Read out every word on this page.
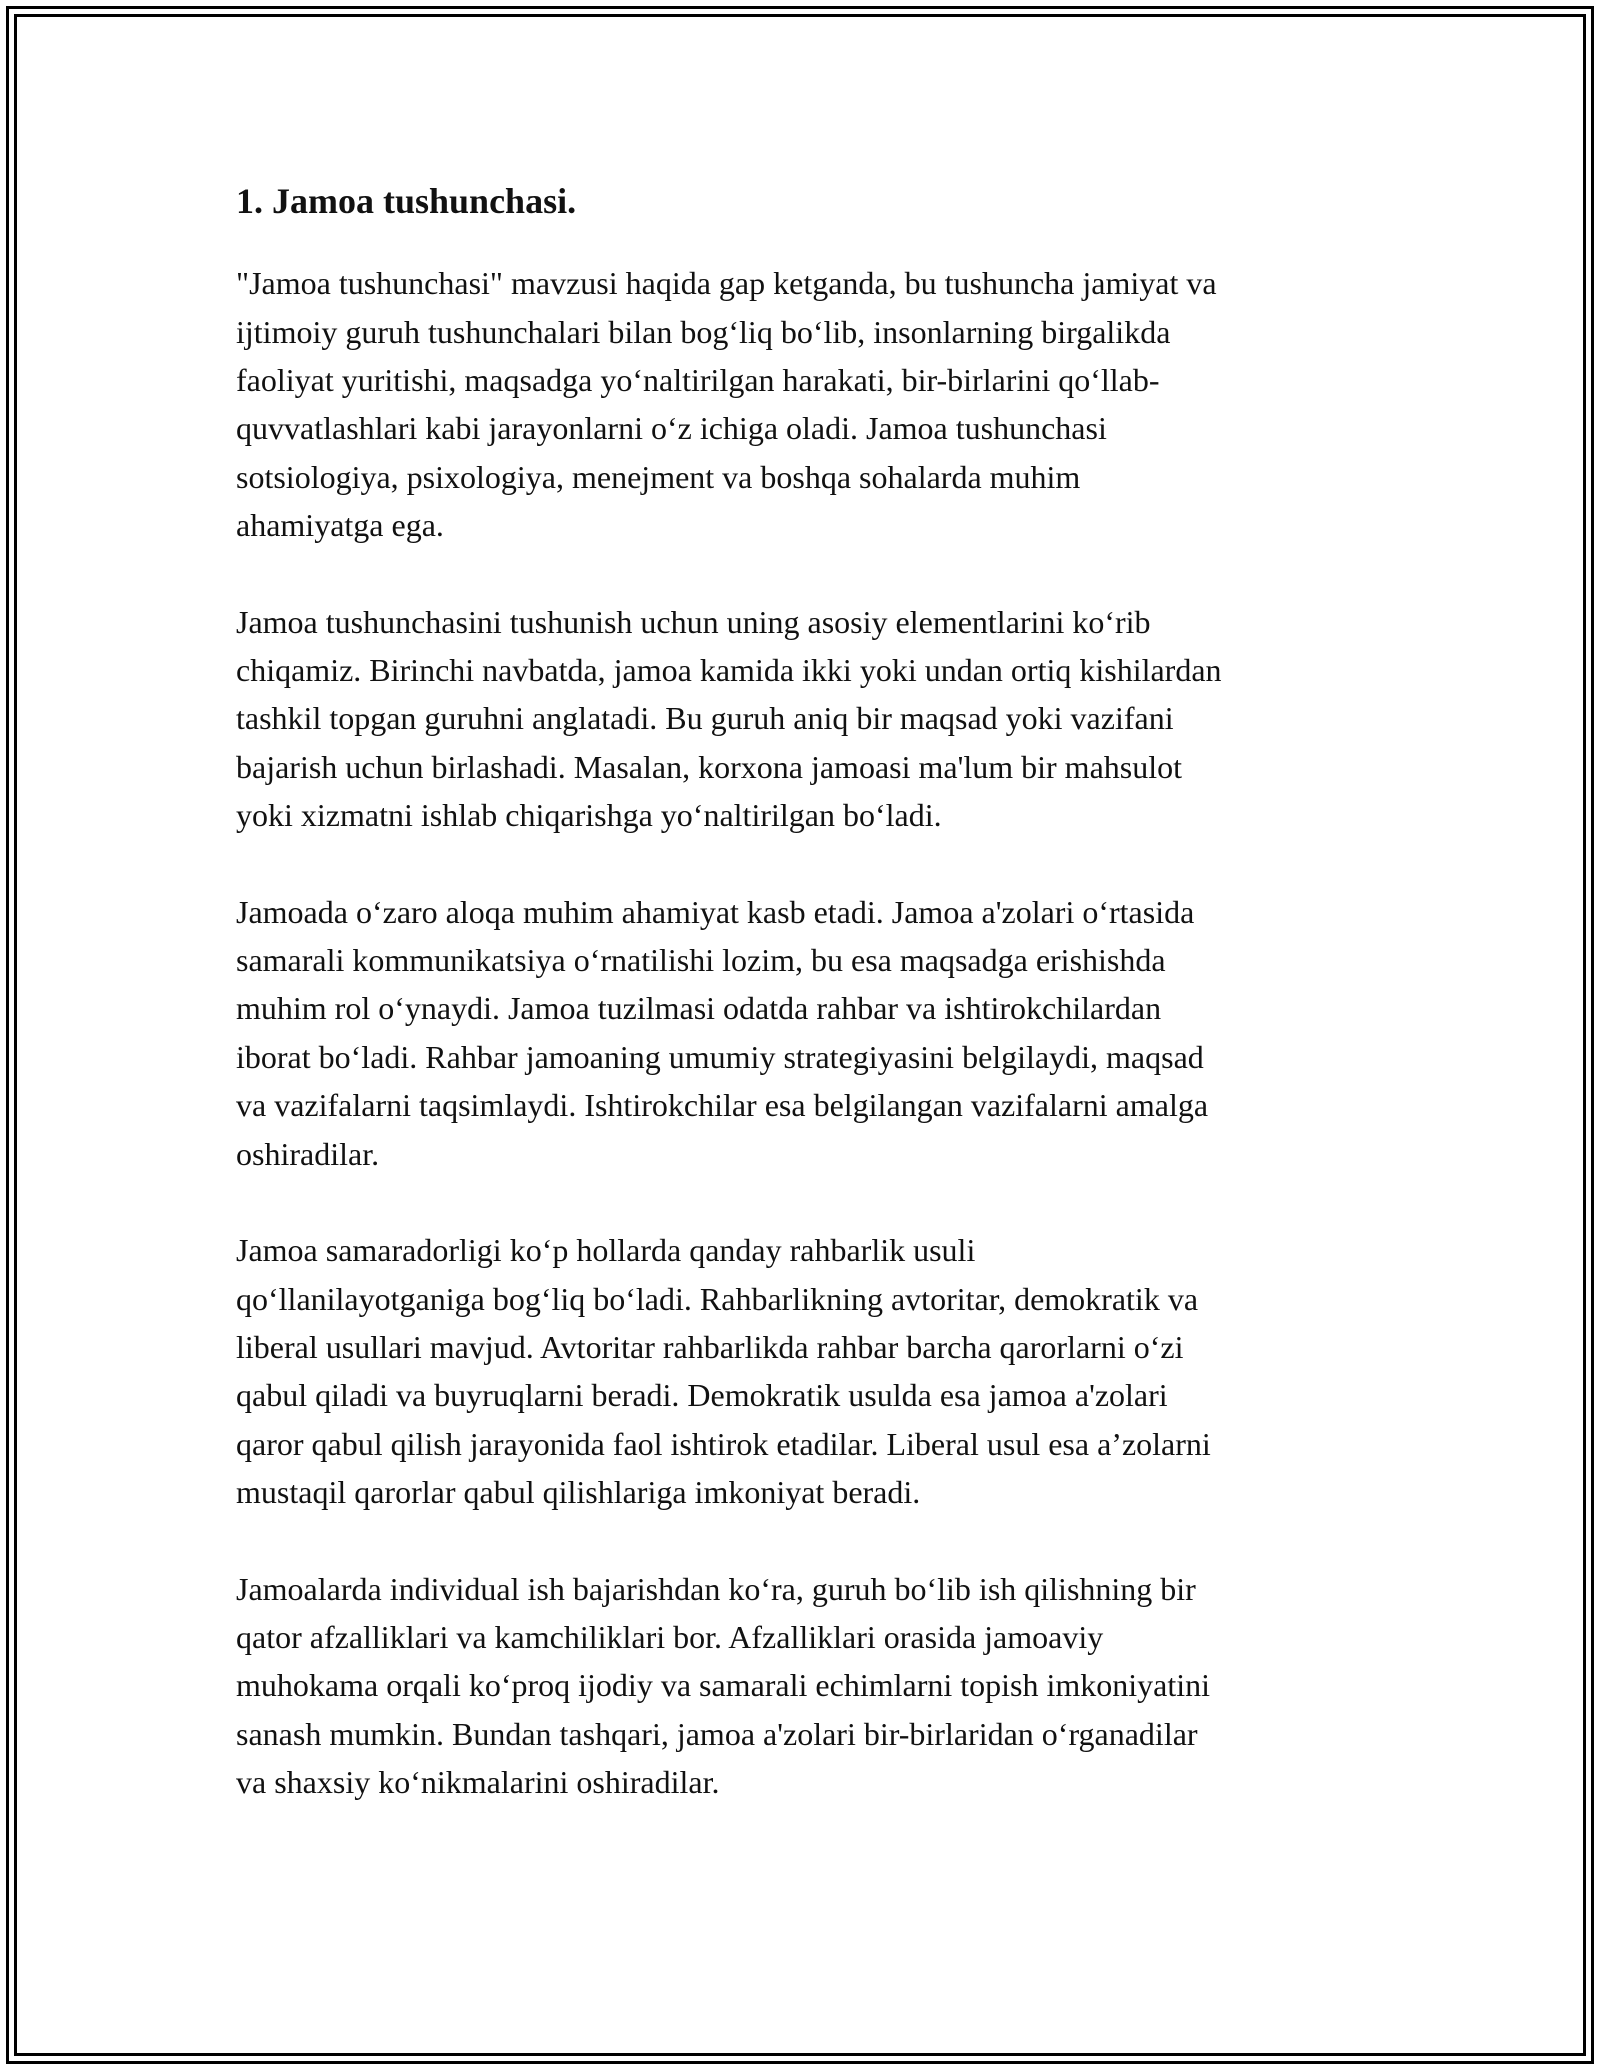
1. Jamoa tushunchasi.

"Jamoa tushunchasi" mavzusi haqida gap ketganda, bu tushuncha jamiyat va
ijtimoiy guruh tushunchalari bilan bog‘liq bo‘lib, insonlarning birgalikda
faoliyat yuritishi, maqsadga yo‘naltirilgan harakati, bir-birlarini qo‘llab-
quvvatlashlari kabi jarayonlarni o‘z ichiga oladi. Jamoa tushunchasi
sotsiologiya, psixologiya, menejment va boshqa sohalarda muhim
ahamiyatga ega.

Jamoa tushunchasini tushunish uchun uning asosiy elementlarini ko‘rib
chiqamiz. Birinchi navbatda, jamoa kamida ikki yoki undan ortiq kishilardan
tashkil topgan guruhni anglatadi. Bu guruh aniq bir maqsad yoki vazifani
bajarish uchun birlashadi. Masalan, korxona jamoasi ma'lum bir mahsulot
yoki xizmatni ishlab chiqarishga yo‘naltirilgan bo‘ladi.

Jamoada o‘zaro aloqa muhim ahamiyat kasb etadi. Jamoa a'zolari o‘rtasida
samarali kommunikatsiya o‘rnatilishi lozim, bu esa maqsadga erishishda
muhim rol o‘ynaydi. Jamoa tuzilmasi odatda rahbar va ishtirokchilardan
iborat bo‘ladi. Rahbar jamoaning umumiy strategiyasini belgilaydi, maqsad
va vazifalarni taqsimlaydi. Ishtirokchilar esa belgilangan vazifalarni amalga
oshiradilar.

Jamoa samaradorligi ko‘p hollarda qanday rahbarlik usuli
qo‘llanilayotganiga bog‘liq bo‘ladi. Rahbarlikning avtoritar, demokratik va
liberal usullari mavjud. Avtoritar rahbarlikda rahbar barcha qarorlarni o‘zi
qabul qiladi va buyruqlarni beradi. Demokratik usulda esa jamoa a'zolari
qaror qabul qilish jarayonida faol ishtirok etadilar. Liberal usul esa a’zolarni
mustaqil qarorlar qabul qilishlariga imkoniyat beradi.

Jamoalarda individual ish bajarishdan ko‘ra, guruh bo‘lib ish qilishning bir
qator afzalliklari va kamchiliklari bor. Afzalliklari orasida jamoaviy
muhokama orqali ko‘proq ijodiy va samarali echimlarni topish imkoniyatini
sanash mumkin. Bundan tashqari, jamoa a'zolari bir-birlaridan o‘rganadilar
va shaxsiy ko‘nikmalarini oshiradilar.
